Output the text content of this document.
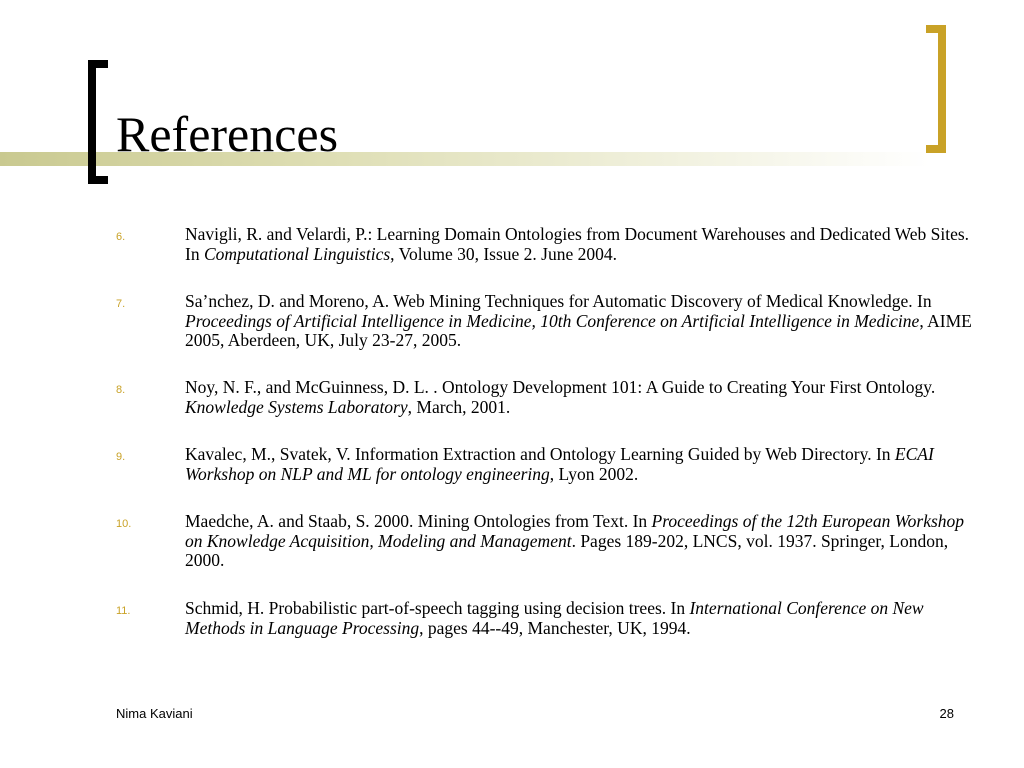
References
6.	Navigli, R. and Velardi, P.: Learning Domain Ontologies from Document Warehouses and Dedicated Web Sites. In Computational Linguistics, Volume 30, Issue 2. June 2004.
7.	Sa’nchez, D. and Moreno, A. Web Mining Techniques for Automatic Discovery of Medical Knowledge. In Proceedings of Artificial Intelligence in Medicine, 10th Conference on Artificial Intelligence in Medicine, AIME 2005, Aberdeen, UK, July 23-27, 2005.
8.	Noy, N. F., and McGuinness, D. L. . Ontology Development 101: A Guide to Creating Your First Ontology. Knowledge Systems Laboratory, March, 2001.
9.	Kavalec, M., Svatek, V. Information Extraction and Ontology Learning Guided by Web Directory. In ECAI Workshop on NLP and ML for ontology engineering, Lyon 2002.
10.	Maedche, A. and Staab, S. 2000. Mining Ontologies from Text. In Proceedings of the 12th European Workshop on Knowledge Acquisition, Modeling and Management. Pages 189-202, LNCS, vol. 1937. Springer, London, 2000.
11.	Schmid, H. Probabilistic part-of-speech tagging using decision trees. In International Conference on New Methods in Language Processing, pages 44--49, Manchester, UK, 1994.
Nima Kaviani	28
